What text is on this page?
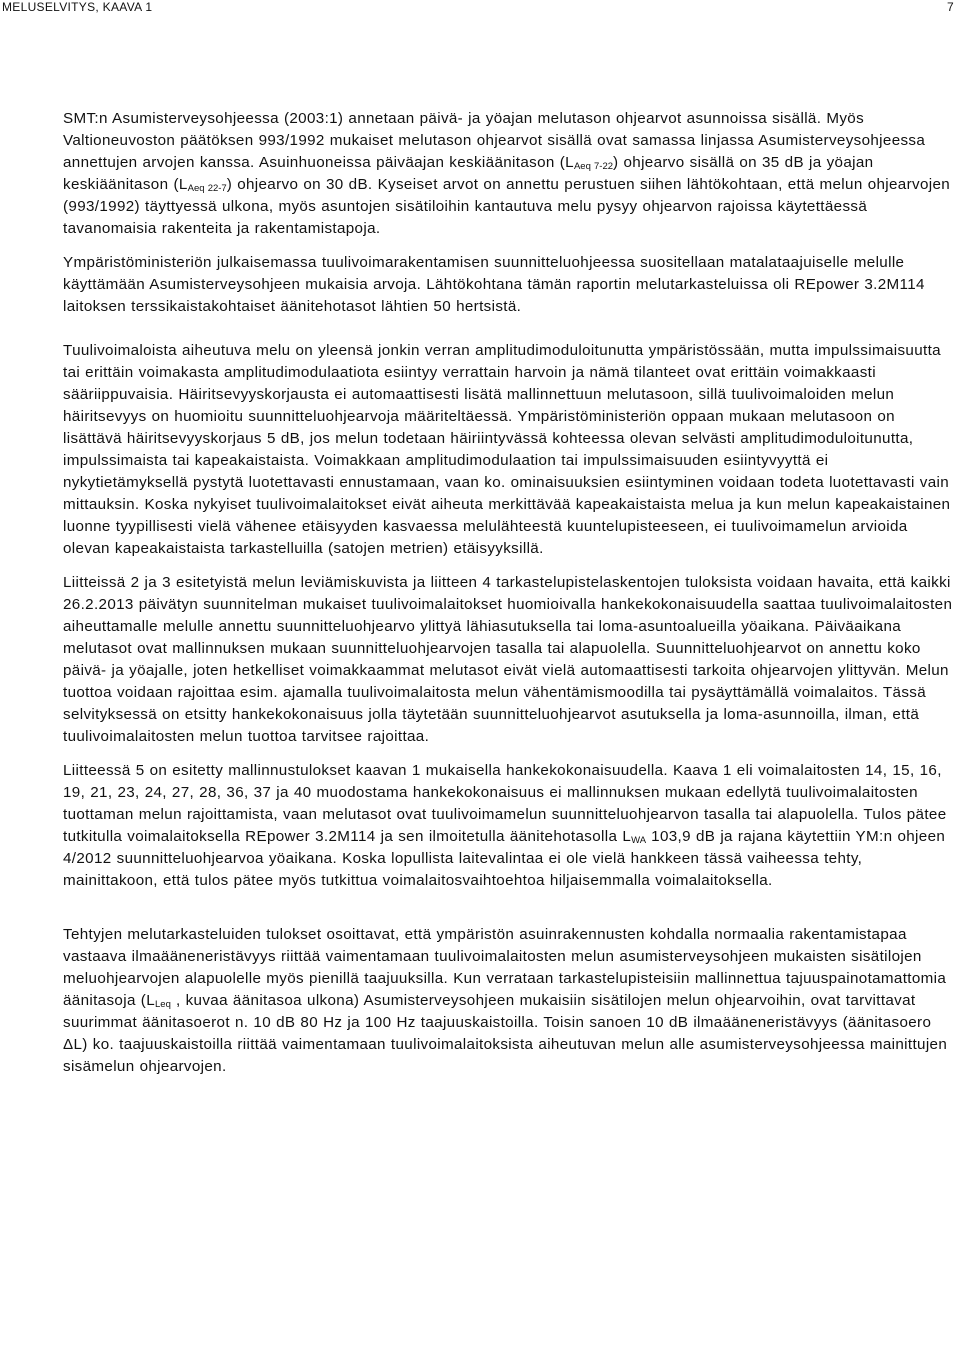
MELUSELVITYS, KAAVA 1	7

SMT:n Asumisterveysohjeessa (2003:1) annetaan päivä- ja yöajan melutason ohjearvot asunnoissa sisällä. Myös Valtioneuvoston päätöksen 993/1992 mukaiset melutason ohjearvot sisällä ovat samassa linjassa Asumisterveysohjeessa annettujen arvojen kanssa. Asuinhuoneissa päiväajan keskiäänitason $(L_{Aeq 7-22})$ ohjearvo sisällä on 35 dB ja yöajan keskiäänitason $(L_{Aeq 22-7})$ ohjearvo on 30 dB. Kyseiset arvot on annettu perustuen siihen lähtökohtaan, että melun ohjearvojen (993/1992) täyttyessä ulkona, myös asuntojen sisätiloihin kantautuva melu pysyy ohjearvon rajoissa käytettäessä tavanomaisia rakenteita ja rakentamistapoja.

Ympäristöministeriön julkaisemassa tuulivoimarakentamisen suunnitteluohjeessa suositellaan matalataajuiselle melulle käyttämään Asumisterveysohjeen mukaisia arvoja. Lähtökohtana tämän raportin melutarkasteluissa oli REpower 3.2M114 laitoksen terssikaistakohtaiset äänitehotasot lähtien 50 hertsistä.

Tuulivoimaloista aiheutuva melu on yleensä jonkin verran amplitudimoduloitunutta ympäristössään, mutta impulssimaisuutta tai erittäin voimakasta amplitudimodulaatiota esiintyy verrattain harvoin ja nämä tilanteet ovat erittäin voimakkaasti sääriippuvaisia. Häiritsevyyskorjausta ei automaattisesti lisätä mallinnettuun melutasoon, sillä tuulivoimaloiden melun häiritsevyys on huomioitu suunnitteluohjearvoja määriteltäessä. Ympäristöministeriön oppaan mukaan melutasoon on lisättävä häiritsevyyskorjaus 5 dB, jos melun todetaan häiriintyvässä kohteessa olevan selvästi amplitudimoduloitunutta, impulssimaista tai kapeakaistaista. Voimakkaan amplitudimodulaation tai impulssimaisuuden esiintyvyyttä ei nykytietämyksellä pystytä luotettavasti ennustamaan, vaan ko. ominaisuuksien esiintyminen voidaan todeta luotettavasti vain mittauksin. Koska nykyiset tuulivoimalaitokset eivät aiheuta merkittävää kapeakaistaista melua ja kun melun kapeakaistainen luonne tyypillisesti vielä vähenee etäisyyden kasvaessa melulähteestä kuuntelupisteeseen, ei tuulivoimamelun arvioida olevan kapeakaistaista tarkastelluilla (satojen metrien) etäisyyksillä.

Liitteissä 2 ja 3 esitetyistä melun leviämiskuvista ja liitteen 4 tarkastelupistelaskentojen tuloksista voidaan havaita, että kaikki 26.2.2013 päivätyn suunnitelman mukaiset tuulivoimalaitokset huomioivalla hankekokonaisuudella saattaa tuulivoimalaitosten aiheuttamalle melulle annettu suunnitteluohjearvo ylittyä lähiasutuksella tai loma-asuntoalueilla yöaikana. Päiväaikana melutasot ovat mallinnuksen mukaan suunnitteluohjearvojen tasalla tai alapuolella. Suunnitteluohjearvot on annettu koko päivä- ja yöajalle, joten hetkelliset voimakkaammat melutasot eivät vielä automaattisesti tarkoita ohjearvojen ylittyvän. Melun tuottoa voidaan rajoittaa esim. ajamalla tuulivoimalaitosta melun vähentämismoodilla tai pysäyttämällä voimalaitos. Tässä selvityksessä on etsitty hankekokonaisuus jolla täytetään suunnitteluohjearvot asutuksella ja loma-asunnoilla, ilman, että tuulivoimalaitosten melun tuottoa tarvitsee rajoittaa.

Liitteessä 5 on esitetty mallinnustulokset kaavan 1 mukaisella hankekokonaisuudella. Kaava 1 eli voimalaitosten 14, 15, 16, 19, 21, 23, 24, 27, 28, 36, 37 ja 40 muodostama hankekokonaisuus ei mallinnuksen mukaan edellytä tuulivoimalaitosten tuottaman melun rajoittamista, vaan melutasot ovat tuulivoimamelun suunnitteluohjearvon tasalla tai alapuolella. Tulos pätee tutkitulla voimalaitoksella REpower 3.2M114 ja sen ilmoitetulla äänitehotasolla $L_{WA}$ 103,9 dB ja rajana käytettiin YM:n ohjeen 4/2012 suunnitteluohjearvoa yöaikana. Koska lopullista laitevalintaa ei ole vielä hankkeen tässä vaiheessa tehty, mainittakoon, että tulos pätee myös tutkittua voimalaitosvaihtoehtoa hiljaisemmalla voimalaitoksella.

Tehtyjen melutarkasteluiden tulokset osoittavat, että ympäristön asuinrakennusten kohdalla normaalia rakentamistapaa vastaava ilmaääneneristävyys riittää vaimentamaan tuulivoimalaitosten melun asumisterveysohjeen mukaisten sisätilojen meluohjearvojen alapuolelle myös pienillä taajuuksilla. Kun verrataan tarkastelupisteisiin mallinnettua tajuuspainotamattomia äänitasoja ($L_{Leq}$ , kuvaa äänitasoa ulkona) Asumisterveysohjeen mukaisiin sisätilojen melun ohjearvoihin, ovat tarvittavat suurimmat äänitasoerot n. 10 dB 80 Hz ja 100 Hz taajuuskaistoilla. Toisin sanoen 10 dB ilmaääneneristävyys (äänitasoero ΔL) ko. taajuuskaistoilla riittää vaimentamaan tuulivoimalaitoksista aiheutuvan melun alle asumisterveysohjeessa mainittujen sisämelun ohjearvojen.
